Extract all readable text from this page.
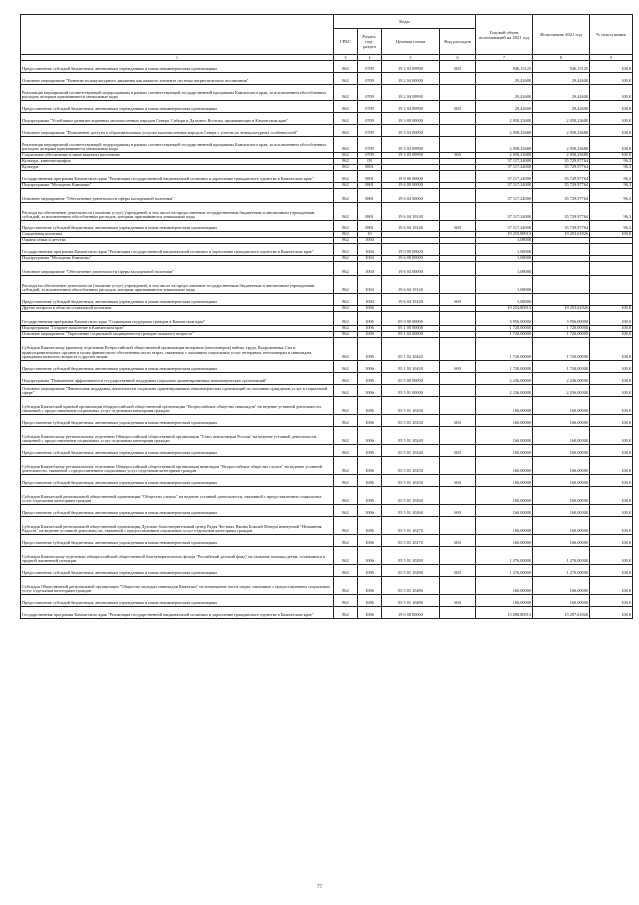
	Коды				Годовой объем ассигнований на 2021 год	Исполнение 2021 год	% испол нения
	ГРБС	Раздел, под-раздел	Целевая статья	Вид расходов			
1	3	4	5	6	7	8	9
Предоставление субсидий бюджетным, автономным учреждениям и иным некоммерческим организациям	862	0709	19 2 03 09990	600	946,15125	946,15125	100,0
Основное мероприятие "Развитие поликультурного движения как важного элемента системы патриотического воспитания"	862	0709	19 2 04 00000		29,42600	29,42600	100,0
Реализация мероприятий соответствующей подпрограммы в рамках соответствующей государственной программы Камчатского края, за исключением обособленных расходов, которым присваиваются уникальные коды	862	0709	19 2 04 09990		29,42600	29,42600	100,0
Предоставление субсидий бюджетным, автономным учреждениям и иным некоммерческим организациям	862	0709	19 2 04 09990	600	29,42600	29,42600	100,0
Подпрограмма "Устойчивое развитие коренных малочисленных народов Севера, Сибири и Дальнего Востока, проживающих в Камчатском крае"	862	0709	19 3 00 00000		2 058,23680	2 058,23680	100,0
Основное мероприятие "Повышение доступа к образовательным услугам малочисленных народов Севера с учетом их этнокультурных особенностей"	862	0709	19 3 03 00000		2 058,23680	2 058,23680	100,0
Реализация мероприятий соответствующей подпрограммы в рамках соответствующей государственной программы Камчатского края, за исключением обособленных расходов, которым присваиваются уникальные коды	862	0709	19 3 03 09990		2 058,23680	2 058,23680	100,0
Социальное обеспечение и иные выплаты населению	862	0709	19 3 03 09990	300	2 058,23680	2 058,23680	100,0
Культура, кинематография	862	08			37 117,24000	35 729,97764	96,3
Культура	862	0801			37 117,24000	35 729,97764	96,3
Государственная программа Камчатского края "Реализация государственной национальной политики и укрепление гражданского единства в Камчатском крае"	862	0801	19 0 00 00000		37 117,24000	35 729,97764	96,3
Подпрограмма "Молодежь Камчатки"	862	0801	19 6 00 00000		37 117,24000	35 729,97764	96,3
Основное мероприятие "Обеспечение деятельности сферы молодежной политики"	862	0801	19 6 04 00000		37 117,24000	35 729,97764	96,3
Расходы на обеспечение деятельности (оказание услуг) учреждений, в том числе на предоставление государственным бюджетным и автономным учреждениям субсидий, за исключением обособленных расходов, которым присваиваются уникальные коды	862	0801	19 6 04 10140		37 117,24000	35 729,97764	96,3
Предоставление субсидий бюджетным, автономным учреждениям и иным некоммерческим организациям	862	0801	19 6 04 10140	600	37 117,24000	35 729,97764	96,3
Социальная политика	862	10			19 255,88913	19 253,61826	100,0
Охрана семьи и детства	862	1004			1,08000		
Государственная программа Камчатского края "Реализация государственной национальной политики и укрепление гражданского единства в Камчатском крае"	862	1004	19 0 00 00000		1,08000		
Подпрограмма "Молодежь Камчатки"	862	1004	19 6 00 00000		1,08000		
Основное мероприятие "Обеспечение деятельности сферы молодежной политики"	862	1004	19 6 04 00000		1,08000		
Расходы на обеспечение деятельности (оказание услуг) учреждений, в том числе на предоставление государственным бюджетным и автономным учреждениям субсидий, за исключением обособленных расходов, которым присваиваются уникальные коды	862	1004	19 6 04 10140		1,08000		
Предоставление субсидий бюджетным, автономным учреждениям и иным некоммерческим организациям	862	1004	19 6 04 10140	600	1,08000		
Другие вопросы в области социальной политики	862	1006			19 254,80913	19 253,61826	100,0
Государственная программа Камчатского края "Социальная поддержка граждан в Камчатском крае"	862	1006	05 0 00 00000		3 956,00000	3 956,00000	100,0
Подпрограмма "Старшее поколение в Камчатском крае"	862	1006	05 1 00 00000		1 720,00000	1 720,00000	100,0
Основное мероприятие "Укрепление социальной защищенности граждан пожилого возраста"	862	1006	05 1 02 00000		1 720,00000	1 720,00000	100,0
Субсидия Камчатскому краевому отделению Всероссийской общественной организации ветеранов (пенсионеров) войны, труда, Вооруженных Сил и правоохранительных органов в целях финансового обеспечения части затрат, связанных с оказанием социальных услуг ветеранам, пенсионерам и инвалидам, гражданам пожилого возраста и другим лицам	862	1006	05 1 02 10420		1 720,00000	1 720,00000	100,0
Предоставление субсидий бюджетным, автономным учреждениям и иным некоммерческим организациям	862	1006	05 1 02 10420	600	1 720,00000	1 720,00000	100,0
Подпрограмма "Повышение эффективности государственной поддержки социально ориентированных некоммерческих организаций"	862	1006	05 5 00 00000		2 236,00000	2 236,00000	100,0
Основное мероприятие "Финансовая поддержка деятельности социально ориентированных некоммерческих организаций по оказанию гражданам услуг в социальной сфере"	862	1006	05 5 01 00000		2 236,00000	2 236,00000	100,0
Субсидия Камчатской краевой организации общероссийской общественной организации "Всероссийское общество инвалидов" на ведение уставной деятельности, связанной с предоставлением социальных услуг отдельным категориям граждан	862	1006	05 5 01 10230		160,00000	160,00000	100,0
Предоставление субсидий бюджетным, автономным учреждениям и иным некоммерческим организациям	862	1006	05 5 01 10230	600	160,00000	160,00000	100,0
Субсидия Камчатскому региональному отделению Общероссийской общественной организации "Союз пенсионеров России" на ведение уставной деятельности, связанной с предоставлением социальных услуг отдельным категориям граждан	862	1006	05 5 01 10240		160,00000	160,00000	100,0
Предоставление субсидий бюджетным, автономным учреждениям и иным некоммерческим организациям	862	1006	05 5 01 10240	600	160,00000	160,00000	100,0
Субсидия Камчатскому региональному отделению Общероссийской общественной организации инвалидов "Всероссийское общество глухих" на ведение уставной деятельности, связанной с предоставлением социальных услуг отдельным категориям граждан	862	1006	05 5 01 10250		160,00000	160,00000	100,0
Предоставление субсидий бюджетным, автономным учреждениям и иным некоммерческим организациям	862	1006	05 5 01 10250	600	160,00000	160,00000	100,0
Субсидия Камчатской региональной общественной организации "Общество слепых" на ведение уставной деятельности, связанной с предоставлением социальных услуг отдельным категориям граждан	862	1006	05 5 01 10260		160,00000	160,00000	100,0
Предоставление субсидий бюджетным, автономным учреждениям и иным некоммерческим организациям	862	1006	05 5 01 10260	600	160,00000	160,00000	100,0
Субсидия Камчатской региональной общественной организации Духовно-благотворительный центр Радея Честных Иконы Божией Матери именуемой "Нечаянная Радость" на ведение уставной деятельности, связанной с предоставлением социальных услуг отдельным категориям граждан	862	1006	05 5 01 10270		160,00000	160,00000	100,0
Предоставление субсидий бюджетным, автономным учреждениям и иным некоммерческим организациям	862	1006	05 5 01 10270	600	160,00000	160,00000	100,0
Субсидия Камчатскому отделению общероссийской общественной благотворительного фонда "Российский детский фонд" на оказание помощи детям, оставшимся в трудной жизненной ситуации	862	1006	05 5 01 10280		1 276,00000	1 276,00000	100,0
Предоставление субсидий бюджетным, автономным учреждениям и иным некоммерческим организациям	862	1006	05 5 01 10280	600	1 276,00000	1 276,00000	100,0
Субсидия Общественной региональной организации "Общество молодых инвалидов Камчатки" на возмещение части затрат, связанных с предоставлением социальных услуг отдельным категориям граждан	862	1006	05 5 01 10480		160,00000	160,00000	100,0
Предоставление субсидий бюджетным, автономным учреждениям и иным некоммерческим организациям	862	1006	05 5 01 10480	600	160,00000	160,00000	100,0
Государственная программа Камчатского края "Реализация государственной национальной политики и укрепление гражданского единства в Камчатском крае"	862	1006	19 0 00 00000		15 298,80913	15 297,61826	100,0
77
